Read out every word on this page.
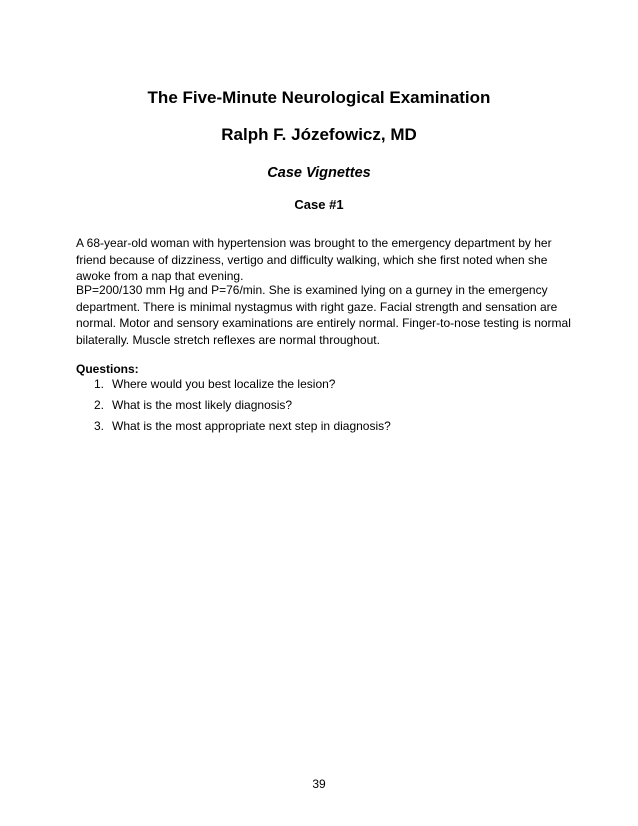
The Five-Minute Neurological Examination
Ralph F. Józefowicz, MD
Case Vignettes
Case #1

A 68-year-old woman with hypertension was brought to the emergency department by her friend because of dizziness, vertigo and difficulty walking, which she first noted when she awoke from a nap that evening.

BP=200/130 mm Hg and P=76/min. She is examined lying on a gurney in the emergency department. There is minimal nystagmus with right gaze. Facial strength and sensation are normal. Motor and sensory examinations are entirely normal. Finger-to-nose testing is normal bilaterally. Muscle stretch reflexes are normal throughout.

Questions:
1. Where would you best localize the lesion?
2. What is the most likely diagnosis?
3. What is the most appropriate next step in diagnosis?
39
